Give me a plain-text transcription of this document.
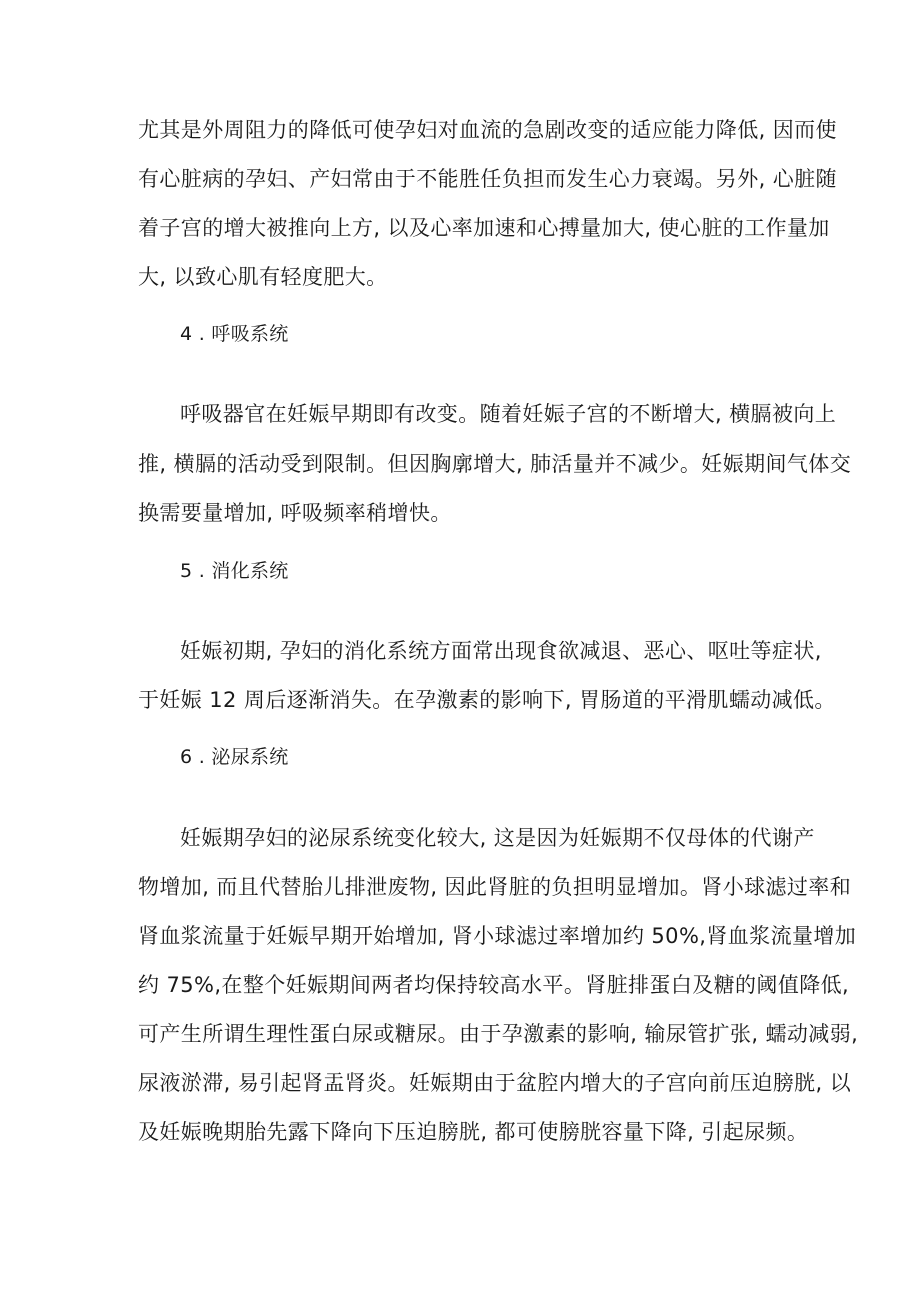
尤其是外周阻力的降低可使孕妇对血流的急剧改变的适应能力降低, 因而使
有心脏病的孕妇、产妇常由于不能胜任负担而发生心力衰竭。另外, 心脏随
着子宫的增大被推向上方, 以及心率加速和心搏量加大, 使心脏的工作量加
大, 以致心肌有轻度肥大。
4 . 呼吸系统
呼吸器官在妊娠早期即有改变。随着妊娠子宫的不断增大, 横膈被向上
推, 横膈的活动受到限制。但因胸廓增大, 肺活量并不减少。妊娠期间气体交
换需要量增加, 呼吸频率稍增快。
5 . 消化系统
妊娠初期, 孕妇的消化系统方面常出现食欲减退、恶心、呕吐等症状,
于妊娠 12 周后逐渐消失。在孕激素的影响下, 胃肠道的平滑肌蠕动减低。
6 . 泌尿系统
妊娠期孕妇的泌尿系统变化较大, 这是因为妊娠期不仅母体的代谢产
物增加, 而且代替胎儿排泄废物, 因此肾脏的负担明显增加。肾小球滤过率和
肾血浆流量于妊娠早期开始增加, 肾小球滤过率增加约 50%,肾血浆流量增加
约 75%,在整个妊娠期间两者均保持较高水平。肾脏排蛋白及糖的阈值降低,
可产生所谓生理性蛋白尿或糖尿。由于孕激素的影响, 输尿管扩张, 蠕动减弱,
尿液淤滞, 易引起肾盂肾炎。妊娠期由于盆腔内增大的子宫向前压迫膀胱, 以
及妊娠晚期胎先露下降向下压迫膀胱, 都可使膀胱容量下降, 引起尿频。
